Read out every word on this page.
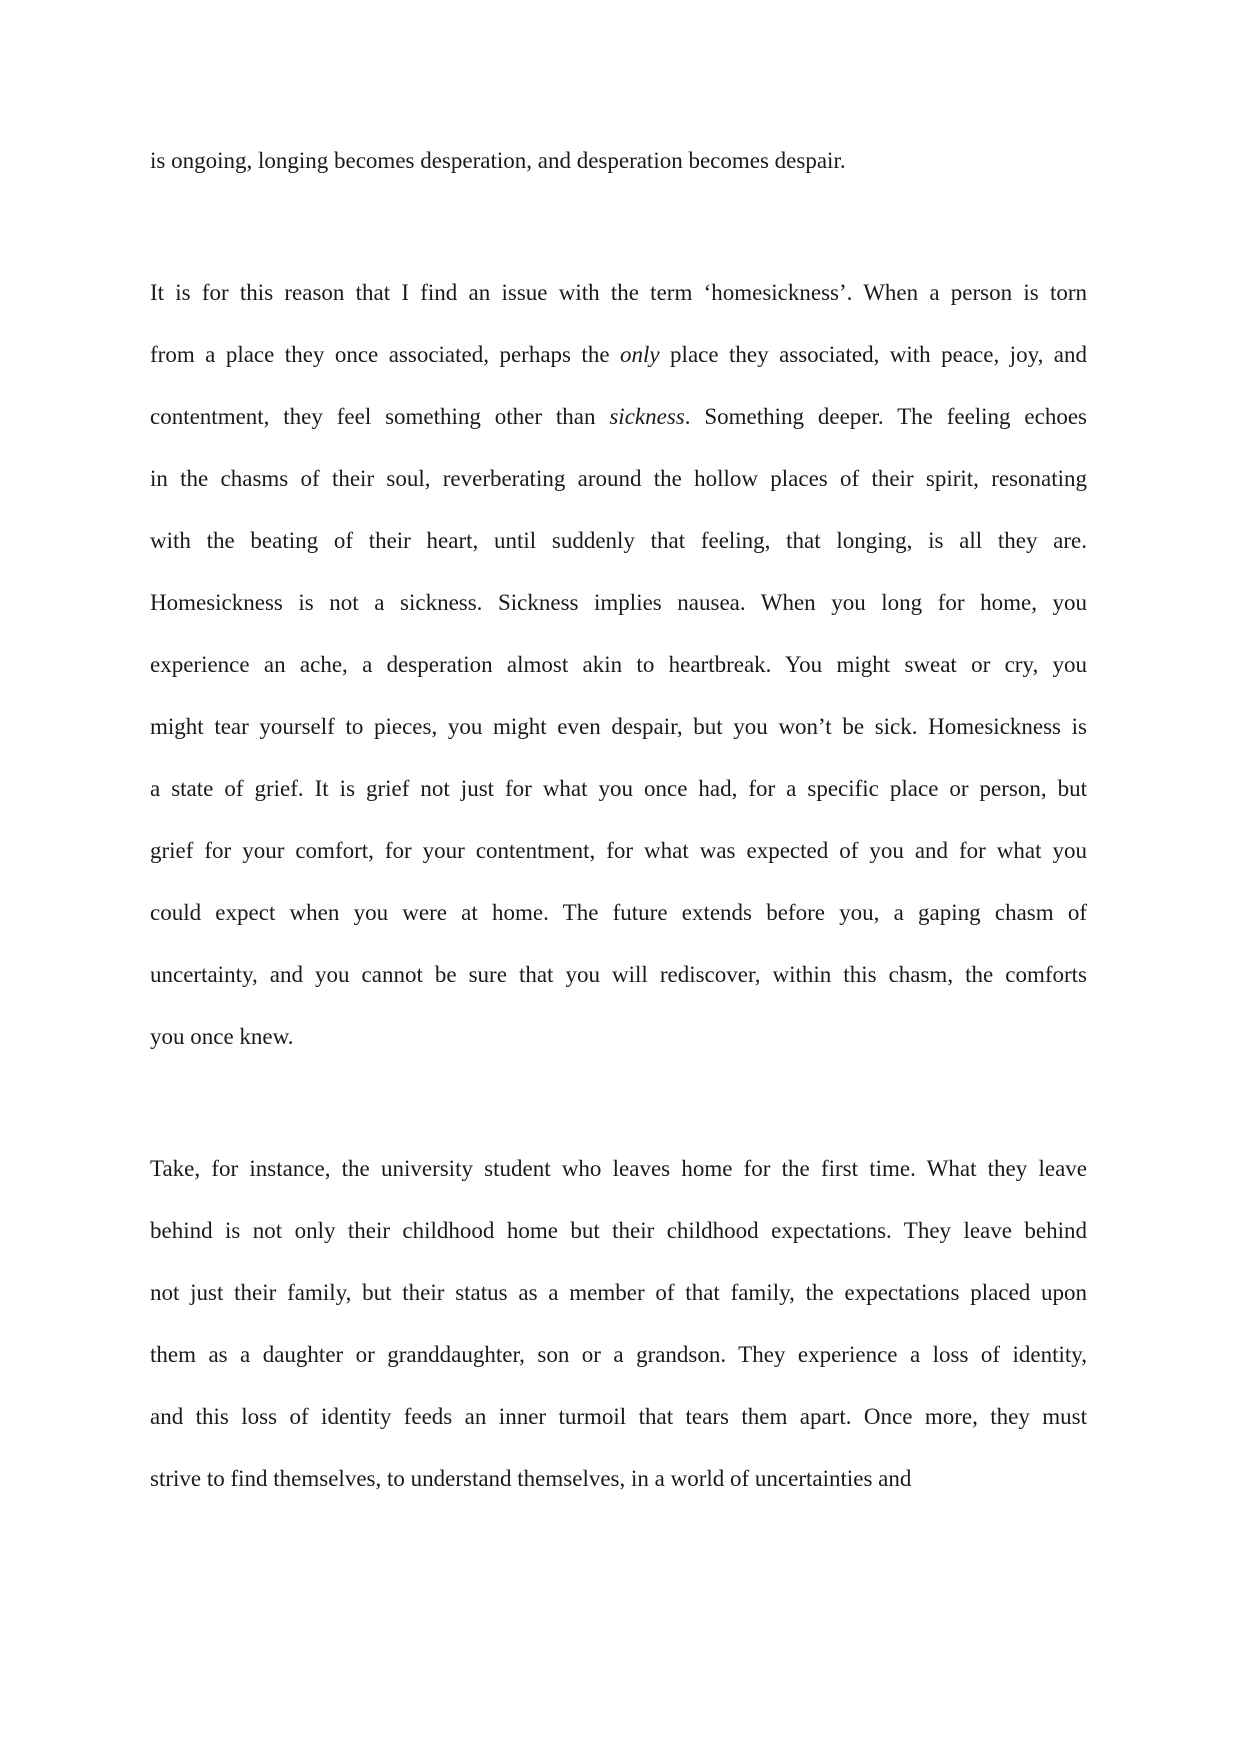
is ongoing, longing becomes desperation, and desperation becomes despair.
It is for this reason that I find an issue with the term ‘homesickness’. When a person is torn
from a place they once associated, perhaps the only place they associated, with peace, joy, and
contentment, they feel something other than sickness. Something deeper. The feeling echoes
in the chasms of their soul, reverberating around the hollow places of their spirit, resonating
with the beating of their heart, until suddenly that feeling, that longing, is all they are.
Homesickness is not a sickness. Sickness implies nausea. When you long for home, you
experience an ache, a desperation almost akin to heartbreak. You might sweat or cry, you
might tear yourself to pieces, you might even despair, but you won’t be sick. Homesickness is
a state of grief. It is grief not just for what you once had, for a specific place or person, but
grief for your comfort, for your contentment, for what was expected of you and for what you
could expect when you were at home. The future extends before you, a gaping chasm of
uncertainty, and you cannot be sure that you will rediscover, within this chasm, the comforts
you once knew.
Take, for instance, the university student who leaves home for the first time. What they leave
behind is not only their childhood home but their childhood expectations. They leave behind
not just their family, but their status as a member of that family, the expectations placed upon
them as a daughter or granddaughter, son or a grandson. They experience a loss of identity,
and this loss of identity feeds an inner turmoil that tears them apart. Once more, they must
strive to find themselves, to understand themselves, in a world of uncertainties and
